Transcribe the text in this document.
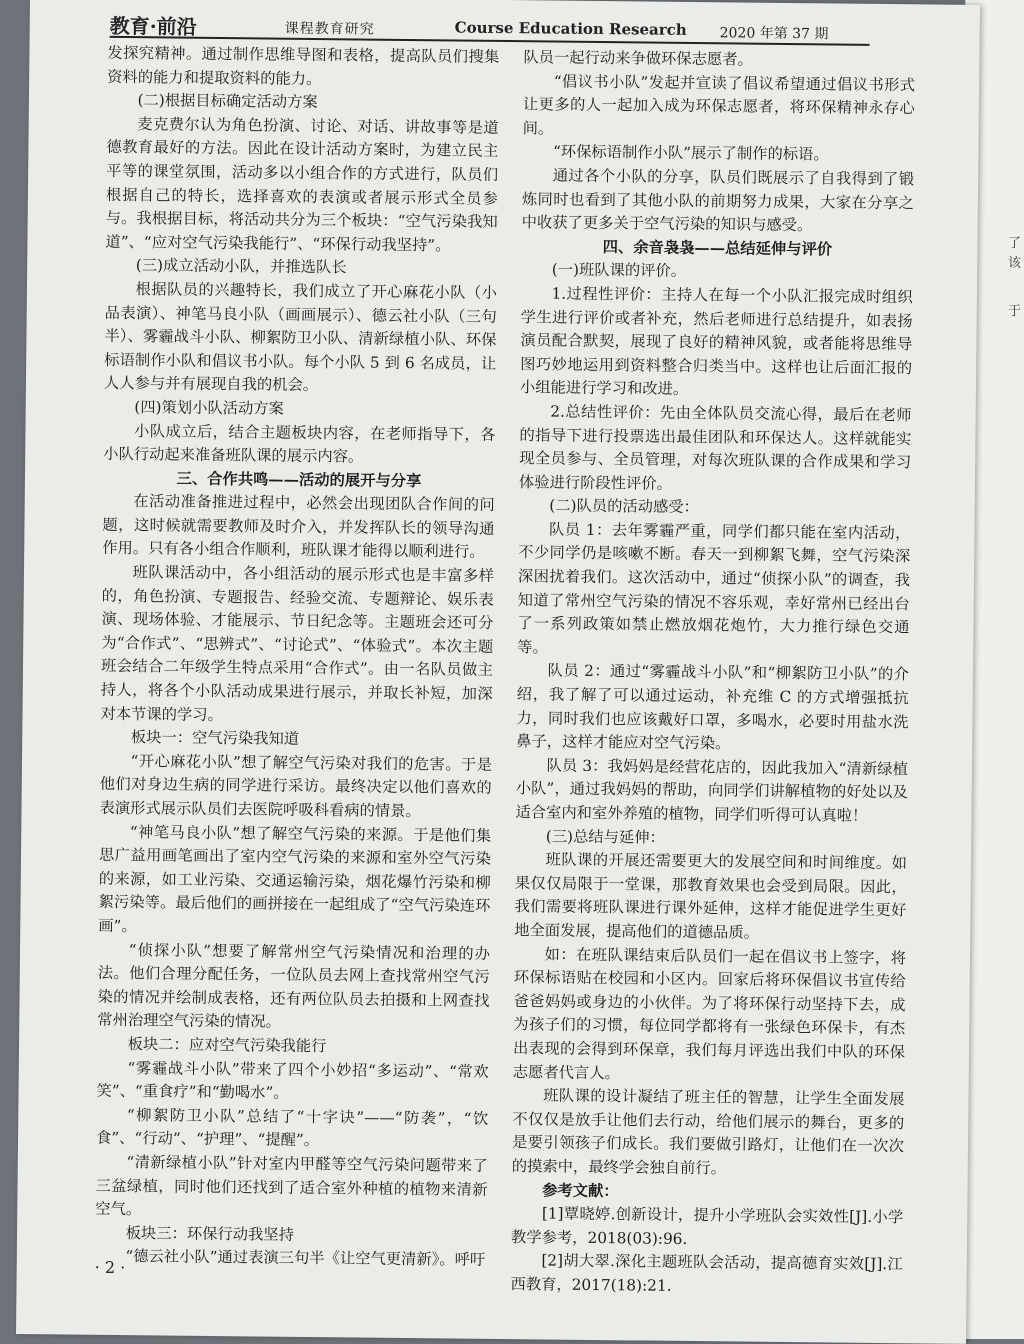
了
该
于
教育·前沿	课程教育研究	Course Education Research 2020 年第 37 期

发探究精神。通过制作思维导图和表格，提高队员们搜集资料的能力和提取资料的能力。

(二)根据目标确定活动方案

麦克费尔认为角色扮演、讨论、对话、讲故事等是道德教育最好的方法。因此在设计活动方案时，为建立民主平等的课堂氛围，活动多以小组合作的方式进行，队员们根据自己的特长，选择喜欢的表演或者展示形式全员参与。我根据目标，将活动共分为三个板块：“空气污染我知道”、“应对空气污染我能行”、“环保行动我坚持”。

(三)成立活动小队，并推选队长

根据队员的兴趣特长，我们成立了开心麻花小队（小品表演）、神笔马良小队（画画展示）、德云社小队（三句半）、雾霾战斗小队、柳絮防卫小队、清新绿植小队、环保标语制作小队和倡议书小队。每个小队 5 到 6 名成员，让人人参与并有展现自我的机会。

(四)策划小队活动方案

小队成立后，结合主题板块内容，在老师指导下，各小队行动起来准备班队课的展示内容。

三、合作共鸣——活动的展开与分享

在活动准备推进过程中，必然会出现团队合作间的问题，这时候就需要教师及时介入，并发挥队长的领导沟通作用。只有各小组合作顺利，班队课才能得以顺利进行。

班队课活动中，各小组活动的展示形式也是丰富多样的，角色扮演、专题报告、经验交流、专题辩论、娱乐表演、现场体验、才能展示、节日纪念等。主题班会还可分为“合作式”、“思辨式”、“讨论式”、“体验式”。本次主题班会结合二年级学生特点采用“合作式”。由一名队员做主持人，将各个小队活动成果进行展示，并取长补短，加深对本节课的学习。

板块一：空气污染我知道

“开心麻花小队”想了解空气污染对我们的危害。于是他们对身边生病的同学进行采访。最终决定以他们喜欢的表演形式展示队员们去医院呼吸科看病的情景。

“神笔马良小队”想了解空气污染的来源。于是他们集思广益用画笔画出了室内空气污染的来源和室外空气污染的来源，如工业污染、交通运输污染，烟花爆竹污染和柳絮污染等。最后他们的画拼接在一起组成了“空气污染连环画”。

“侦探小队”想要了解常州空气污染情况和治理的办法。他们合理分配任务，一位队员去网上查找常州空气污染的情况并绘制成表格，还有两位队员去拍摄和上网查找常州治理空气污染的情况。

板块二：应对空气污染我能行

“雾霾战斗小队”带来了四个小妙招“多运动”、“常欢笑”、“重食疗”和“勤喝水”。

“柳絮防卫小队”总结了“十字诀”——“防袭”，“饮食”、“行动”、“护理”、“提醒”。

“清新绿植小队”针对室内甲醛等空气污染问题带来了三盆绿植，同时他们还找到了适合室外种植的植物来清新空气。

板块三：环保行动我坚持

“德云社小队”通过表演三句半《让空气更清新》。呼吁

队员一起行动来争做环保志愿者。

“倡议书小队”发起并宣读了倡议希望通过倡议书形式让更多的人一起加入成为环保志愿者，将环保精神永存心间。

“环保标语制作小队”展示了制作的标语。

通过各个小队的分享，队员们既展示了自我得到了锻炼同时也看到了其他小队的前期努力成果，大家在分享之中收获了更多关于空气污染的知识与感受。

四、余音袅袅——总结延伸与评价

(一)班队课的评价。

1.过程性评价：主持人在每一个小队汇报完成时组织学生进行评价或者补充，然后老师进行总结提升，如表扬演员配合默契，展现了良好的精神风貌，或者能将思维导图巧妙地运用到资料整合归类当中。这样也让后面汇报的小组能进行学习和改进。

2.总结性评价：先由全体队员交流心得，最后在老师的指导下进行投票选出最佳团队和环保达人。这样就能实现全员参与、全员管理，对每次班队课的合作成果和学习体验进行阶段性评价。

(二)队员的活动感受：

队员 1：去年雾霾严重，同学们都只能在室内活动，不少同学仍是咳嗽不断。春天一到柳絮飞舞，空气污染深深困扰着我们。这次活动中，通过“侦探小队”的调查，我知道了常州空气污染的情况不容乐观，幸好常州已经出台了一系列政策如禁止燃放烟花炮竹，大力推行绿色交通等。

队员 2：通过“雾霾战斗小队”和“柳絮防卫小队”的介绍，我了解了可以通过运动，补充维 C 的方式增强抵抗力，同时我们也应该戴好口罩，多喝水，必要时用盐水洗鼻子，这样才能应对空气污染。

队员 3：我妈妈是经营花店的，因此我加入“清新绿植小队”，通过我妈妈的帮助，向同学们讲解植物的好处以及适合室内和室外养殖的植物，同学们听得可认真啦！

(三)总结与延伸：

班队课的开展还需要更大的发展空间和时间维度。如果仅仅局限于一堂课，那教育效果也会受到局限。因此，我们需要将班队课进行课外延伸，这样才能促进学生更好地全面发展，提高他们的道德品质。

如：在班队课结束后队员们一起在倡议书上签字，将环保标语贴在校园和小区内。回家后将环保倡议书宣传给爸爸妈妈或身边的小伙伴。为了将环保行动坚持下去，成为孩子们的习惯，每位同学都将有一张绿色环保卡，有杰出表现的会得到环保章，我们每月评选出我们中队的环保志愿者代言人。

班队课的设计凝结了班主任的智慧，让学生全面发展不仅仅是放手让他们去行动，给他们展示的舞台，更多的是要引领孩子们成长。我们要做引路灯，让他们在一次次的摸索中，最终学会独自前行。

参考文献：

[1]覃晓婷.创新设计，提升小学班队会实效性[J].小学教学参考，2018(03):96.

[2]胡大翠.深化主题班队会活动，提高德育实效[J].江西教育，2017(18):21.

· 2 ·
